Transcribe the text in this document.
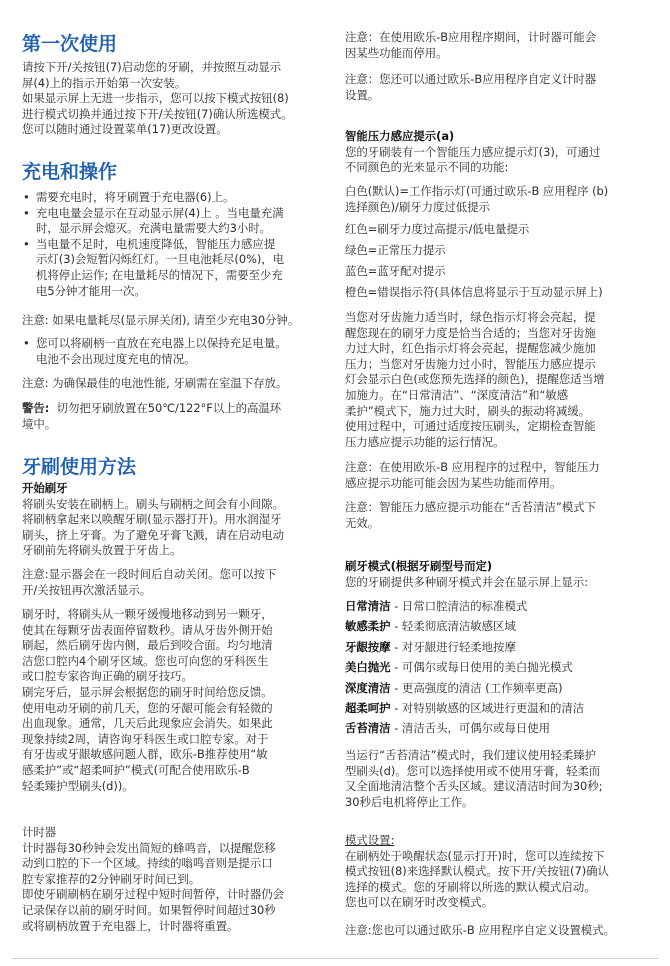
第一次使用
请按下开/关按钮(7)启动您的牙刷，并按照互动显示
屏(4)上的指示开始第一次安装。
如果显示屏上无进一步指示，您可以按下模式按钮(8)
进行模式切换并通过按下开/关按钮(7)确认所选模式。
您可以随时通过设置菜单(17)更改设置。
充电和操作
• 需要充电时，将牙刷置于充电器(6)上。
• 充电电量会显示在互动显示屏(4)上 。当电量充满
时，显示屏会熄灭。充满电量需要大约3小时。
• 当电量不足时，电机速度降低，智能压力感应提
示灯(3)会短暂闪烁红灯。一旦电池耗尽(0%)，电
机将停止运作; 在电量耗尽的情况下，需要至少充
电5分钟才能用一次。
注意: 如果电量耗尽(显示屏关闭), 请至少充电30分钟。
• 您可以将刷柄一直放在充电器上以保持充足电量。
电池不会出现过度充电的情况。
注意: 为确保最佳的电池性能, 牙刷需在室温下存放。
警告: 切勿把牙刷放置在50℃/122°F以上的高温环
境中。
牙刷使用方法
开始刷牙
将刷头安装在刷柄上。刷头与刷柄之间会有小间隙。
将刷柄拿起来以唤醒牙刷(显示器打开)。用水润湿牙
刷头，挤上牙膏。为了避免牙膏飞溅，请在启动电动
牙刷前先将刷头放置于牙齿上。
注意:显示器会在一段时间后自动关闭。您可以按下
开/关按钮再次激活显示。
刷牙时，将刷头从一颗牙缓慢地移动到另一颗牙，
使其在每颗牙齿表面停留数秒。请从牙齿外侧开始
刷起，然后刷牙齿内侧，最后到咬合面。均匀地清
洁您口腔内4个刷牙区域。您也可向您的牙科医生
或口腔专家咨询正确的刷牙技巧。
刷完牙后，显示屏会根据您的刷牙时间给您反馈。
使用电动牙刷的前几天，您的牙龈可能会有轻微的
出血现象。通常，几天后此现象应会消失。如果此
现象持续2周，请咨询牙科医生或口腔专家。对于
有牙齿或牙龈敏感问题人群，欧乐-B推荐使用“敏
感柔护”或“超柔呵护”模式(可配合使用欧乐-B
轻柔臻护型刷头(d))。
计时器
计时器每30秒钟会发出简短的蜂鸣音，以提醒您移
动到口腔的下一个区域。持续的嗡鸣音则是提示口
腔专家推荐的2分钟刷牙时间已到。
即使牙刷刷柄在刷牙过程中短时间暂停，计时器仍会
记录保存以前的刷牙时间。如果暂停时间超过30秒
或将刷柄放置于充电器上，计时器将重置。
注意：在使用欧乐-B应用程序期间，计时器可能会
因某些功能而停用。
注意：您还可以通过欧乐-B应用程序自定义计时器
设置。
智能压力感应提示(a)
您的牙刷装有一个智能压力感应提示灯(3)，可通过
不同颜色的光来显示不同的功能:
白色(默认)=工作指示灯(可通过欧乐-B 应用程序 (b)
选择颜色)/刷牙力度过低提示
红色=刷牙力度过高提示/低电量提示
绿色=正常压力提示
蓝色=蓝牙配对提示
橙色=错误指示符(具体信息将显示于互动显示屏上)
当您对牙齿施力适当时，绿色指示灯将会亮起，提
醒您现在的刷牙力度是恰当合适的；当您对牙齿施
力过大时，红色指示灯将会亮起，提醒您减少施加
压力；当您对牙齿施力过小时，智能压力感应提示
灯会显示白色(或您预先选择的颜色)，提醒您适当增
加施力。在“日常清洁”、“深度清洁”和“敏感
柔护”模式下，施力过大时，刷头的振动将减缓。
使用过程中，可通过适度按压刷头，定期检查智能
压力感应提示功能的运行情况。
注意：在使用欧乐-B 应用程序的过程中，智能压力
感应提示功能可能会因为某些功能而停用。
注意：智能压力感应提示功能在“舌苔清洁”模式下
无效。
刷牙模式(根据牙刷型号而定)
您的牙刷提供多种刷牙模式并会在显示屏上显示:
日常清洁 - 日常口腔清洁的标准模式
敏感柔护 - 轻柔彻底清洁敏感区域
牙龈按摩 - 对牙龈进行轻柔地按摩
美白抛光 - 可偶尔或每日使用的美白抛光模式
深度清洁 - 更高强度的清洁 (工作频率更高)
超柔呵护 - 对特别敏感的区域进行更温和的清洁
舌苔清洁 - 清洁舌头，可偶尔或每日使用
当运行“舌苔清洁”模式时，我们建议使用轻柔臻护
型刷头(d)。您可以选择使用或不使用牙膏，轻柔而
又全面地清洁整个舌头区域。建议清洁时间为30秒;
30秒后电机将停止工作。
模式设置:
在刷柄处于唤醒状态(显示打开)时，您可以连续按下
模式按钮(8)来选择默认模式。按下开/关按钮(7)确认
选择的模式。您的牙刷将以所选的默认模式启动。
您也可以在刷牙时改变模式。
注意:您也可以通过欧乐-B 应用程序自定义设置模式。
